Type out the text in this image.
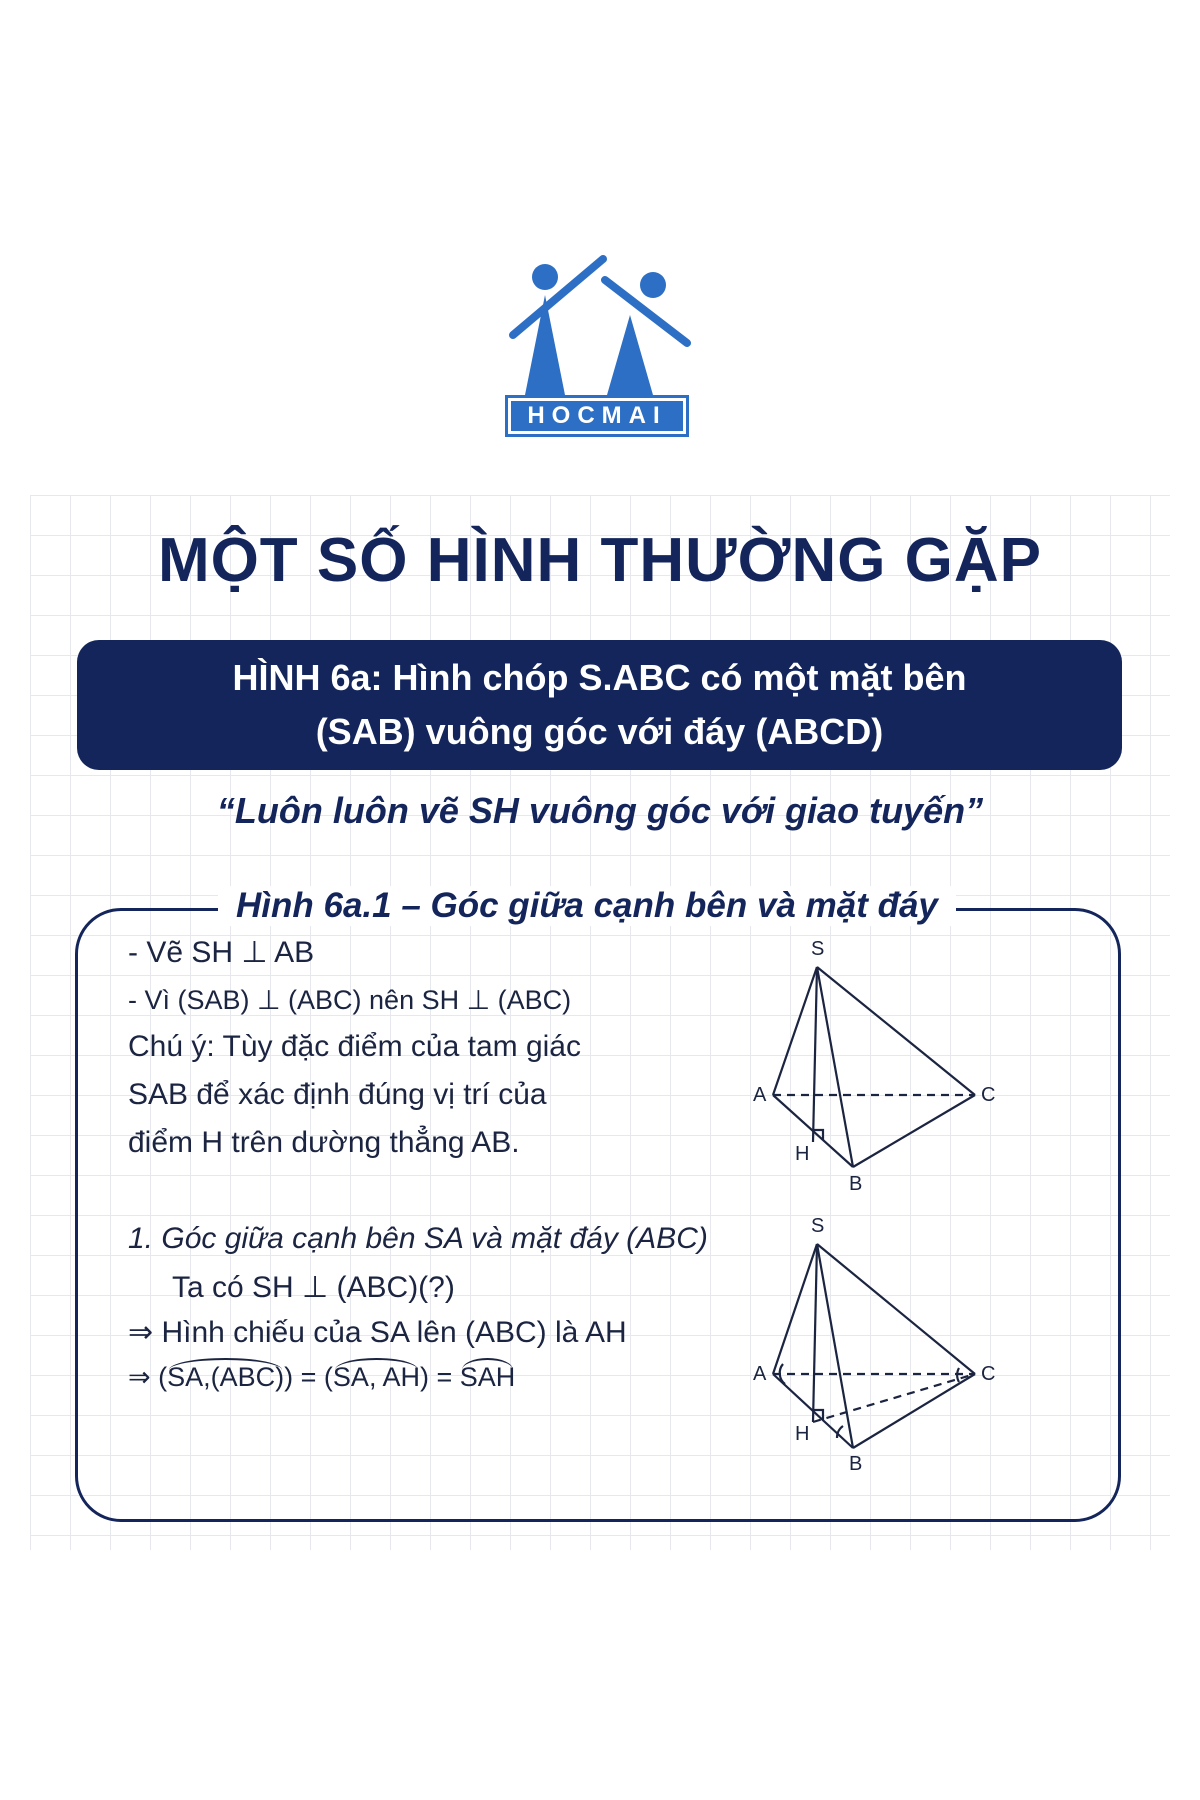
HOCMAI
MỘT SỐ HÌNH THƯỜNG GẶP
HÌNH 6a: Hình chóp S.ABC có một mặt bên
(SAB) vuông góc với đáy (ABCD)
“Luôn luôn vẽ SH vuông góc với giao tuyến”
Hình 6a.1 – Góc giữa cạnh bên và mặt đáy
- Vẽ SH ⊥ AB
- Vì (SAB) ⊥ (ABC) nên SH ⊥ (ABC)
Chú ý: Tùy đặc điểm của tam giác
SAB để xác định đúng vị trí của
điểm H trên dường thẳng AB.
1. Góc giữa cạnh bên SA và mặt đáy (ABC)
Ta có SH ⊥ (ABC)(?)
⇒ Hình chiếu của SA lên (ABC) là AH
⇒ (SA,(ABC)) = (SA, AH) = SAH
S
A	C
H
B
S
A	C
H
B
